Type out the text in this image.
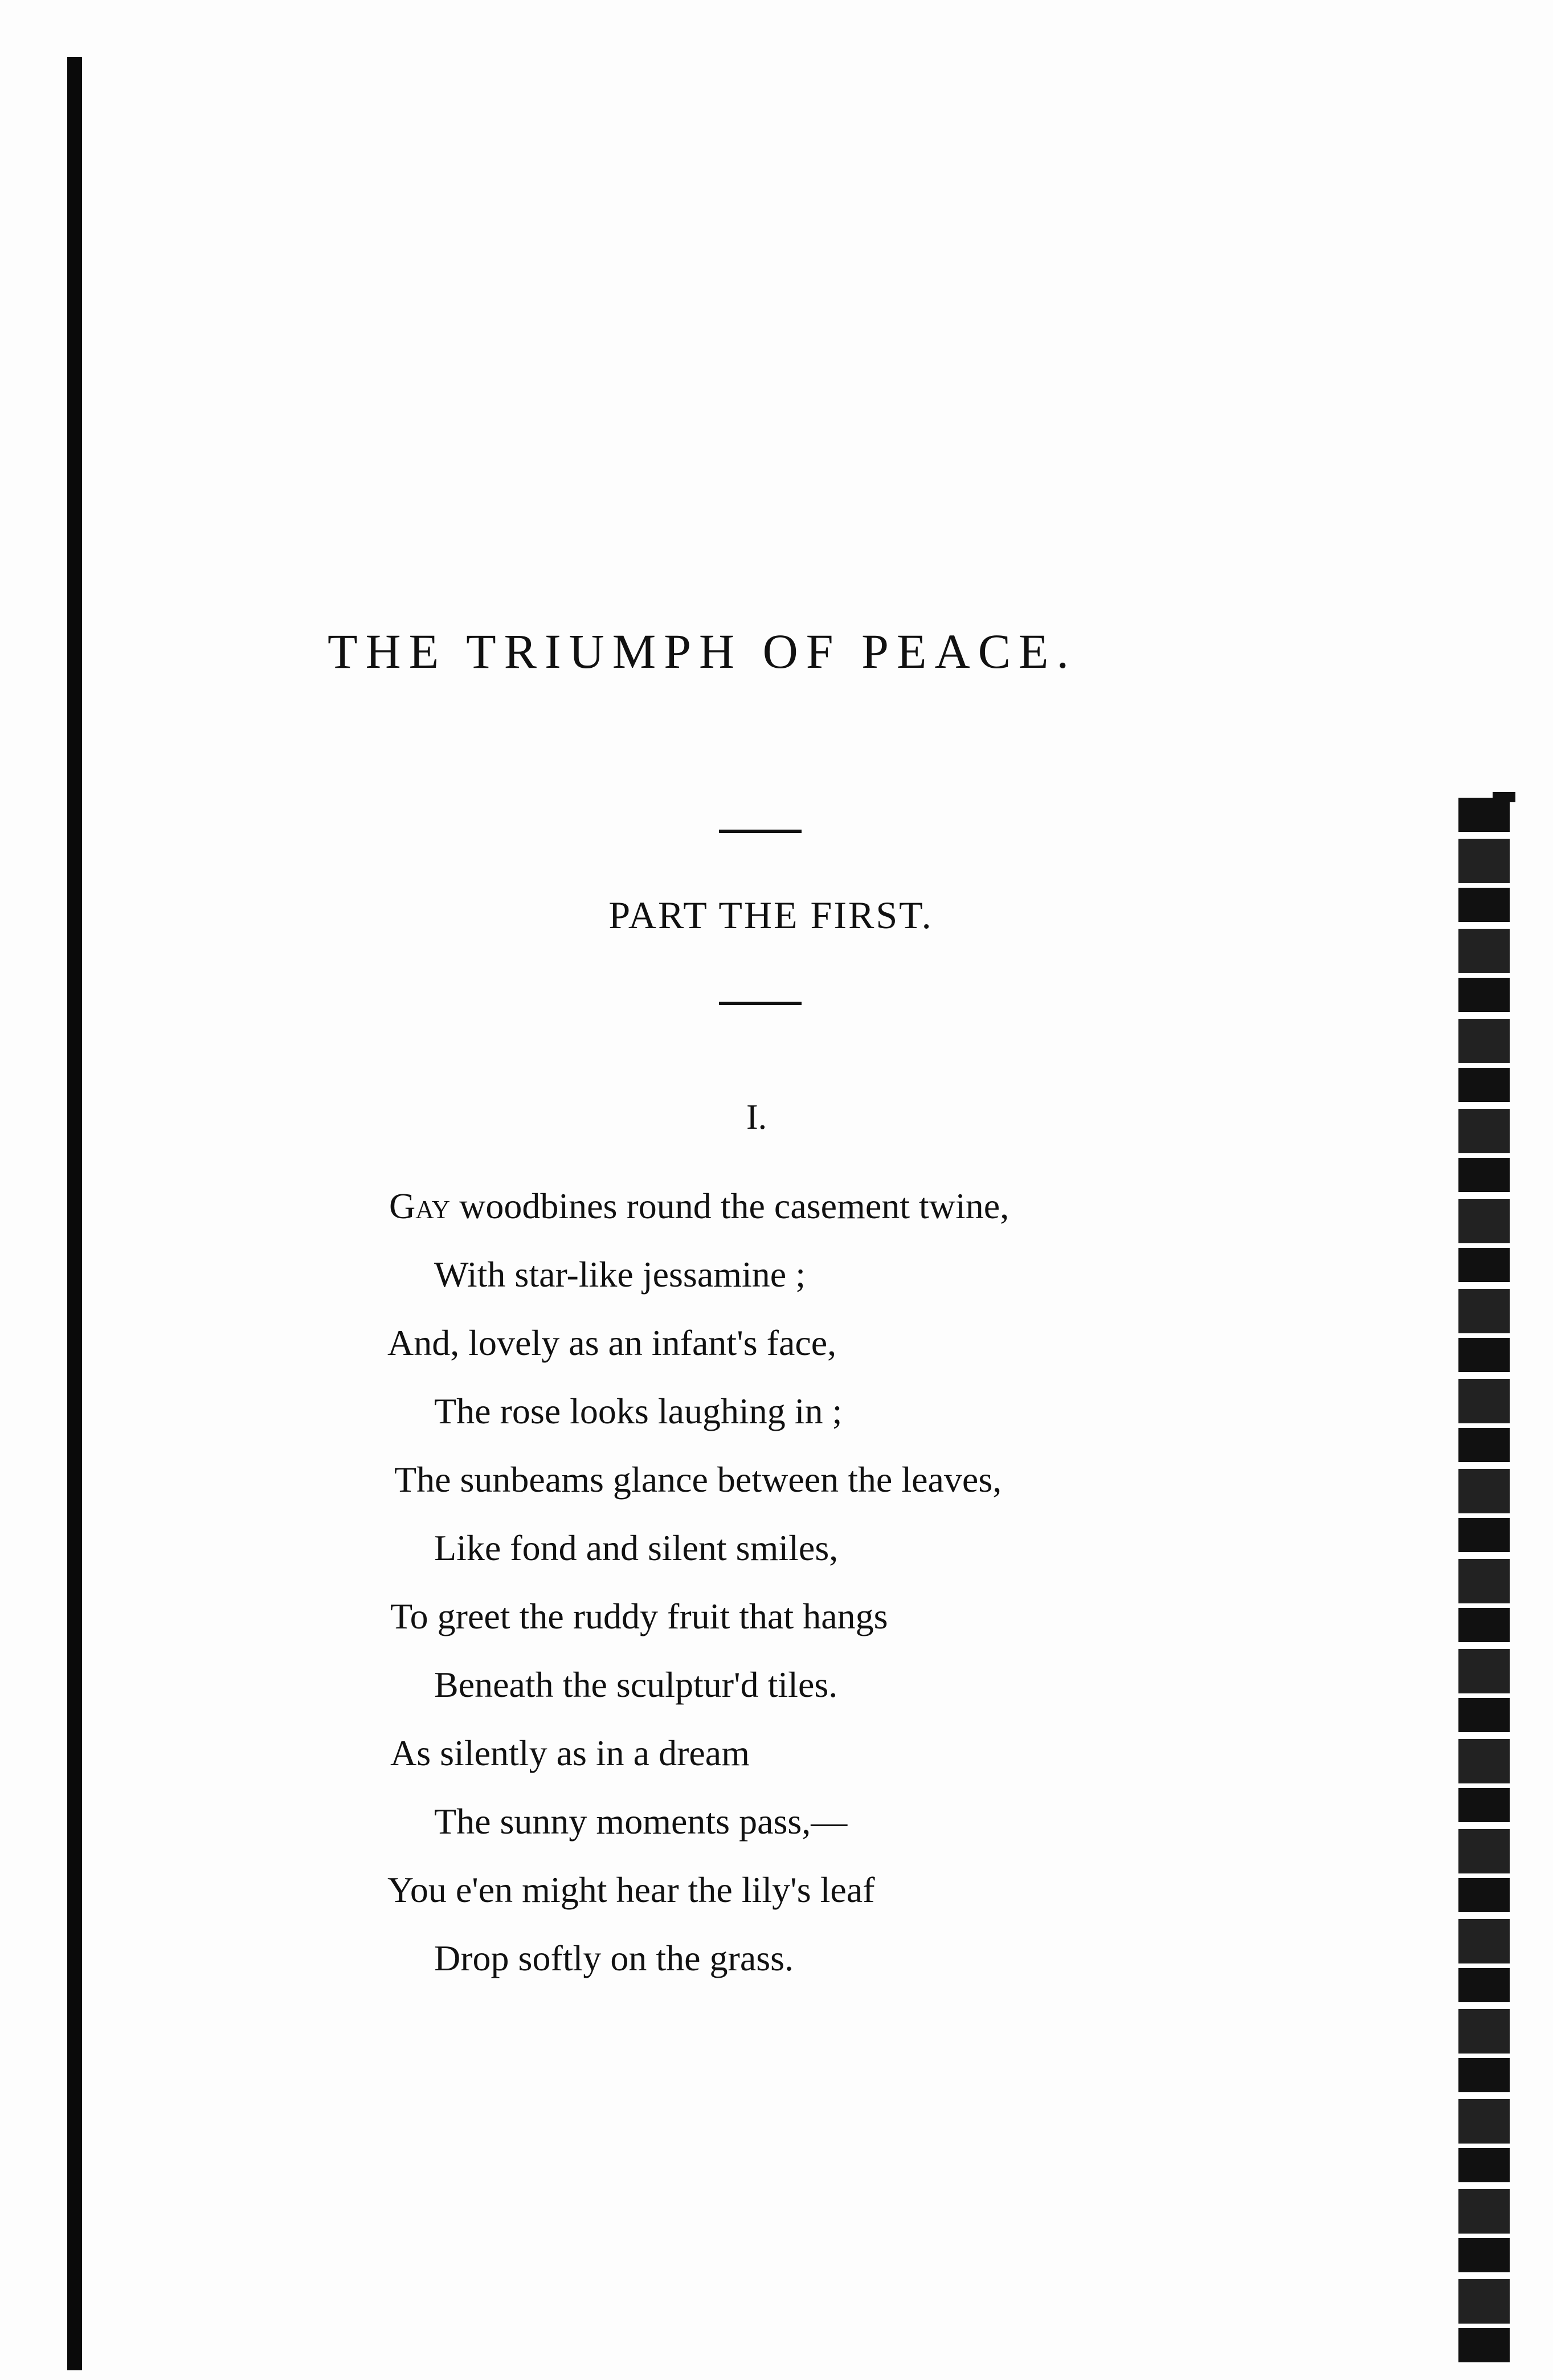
THE TRIUMPH OF PEACE.
PART THE FIRST.
I.
Gay woodbines round the casement twine,
With star-like jessamine ;
And, lovely as an infant's face,
The rose looks laughing in ;
The sunbeams glance between the leaves,
Like fond and silent smiles,
To greet the ruddy fruit that hangs
Beneath the sculptur'd tiles.
As silently as in a dream
The sunny moments pass,—
You e'en might hear the lily's leaf
Drop softly on the grass.
